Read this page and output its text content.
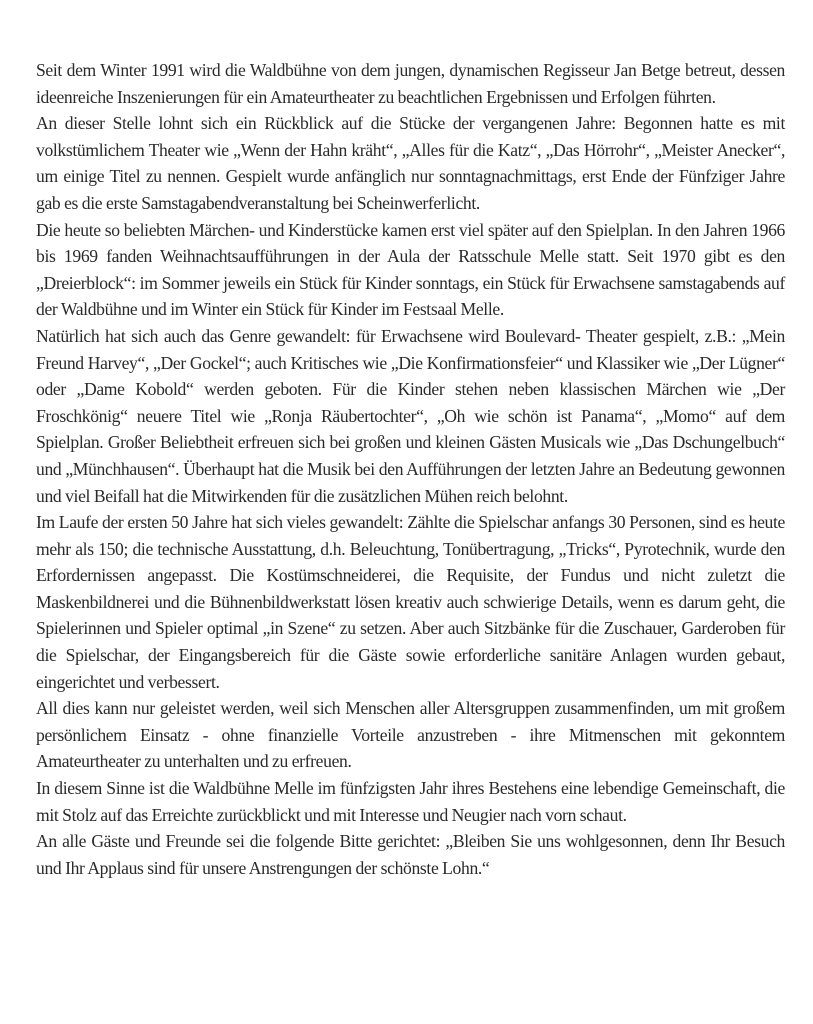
Seit dem Winter 1991 wird die Waldbühne von dem jungen, dynamischen Regisseur Jan Betge betreut, dessen ideenreiche Inszenierungen für ein Amateurtheater zu beachtlichen Ergebnissen und Erfolgen führten.

An dieser Stelle lohnt sich ein Rückblick auf die Stücke der vergangenen Jahre: Begonnen hatte es mit volkstümlichem Theater wie „Wenn der Hahn kräht“, „Alles für die Katz“, „Das Hörrohr“, „Meister Anecker“, um einige Titel zu nennen. Gespielt wurde anfänglich nur sonntagnachmittags, erst Ende der Fünfziger Jahre gab es die erste Samstagabendveranstaltung bei Scheinwerferlicht.

Die heute so beliebten Märchen- und Kinderstücke kamen erst viel später auf den Spielplan. In den Jahren 1966 bis 1969 fanden Weihnachtsaufführungen in der Aula der Ratsschule Melle statt. Seit 1970 gibt es den „Dreierblock“: im Sommer jeweils ein Stück für Kinder sonntags, ein Stück für Erwachsene samstagabends auf der Waldbühne und im Winter ein Stück für Kinder im Festsaal Melle.

Natürlich hat sich auch das Genre gewandelt: für Erwachsene wird Boulevard- Theater gespielt, z.B.: „Mein Freund Harvey“, „Der Gockel“; auch Kritisches wie „Die Konfirmationsfeier“ und Klassiker wie „Der Lügner“ oder „Dame Kobold“ werden geboten. Für die Kinder stehen neben klassischen Märchen wie „Der Froschkönig“ neuere Titel wie „Ronja Räubertochter“, „Oh wie schön ist Panama“, „Momo“ auf dem Spielplan. Großer Beliebtheit erfreuen sich bei großen und kleinen Gästen Musicals wie „Das Dschungelbuch“ und „Münchhausen“. Überhaupt hat die Musik bei den Aufführungen der letzten Jahre an Bedeutung gewonnen und viel Beifall hat die Mitwirkenden für die zusätzlichen Mühen reich belohnt.

Im Laufe der ersten 50 Jahre hat sich vieles gewandelt: Zählte die Spielschar anfangs 30 Personen, sind es heute mehr als 150; die technische Ausstattung, d.h. Beleuchtung, Tonübertragung, „Tricks“, Pyrotechnik, wurde den Erfordernissen angepasst. Die Kostümschneiderei, die Requisite, der Fundus und nicht zuletzt die Maskenbildnerei und die Bühnenbildwerkstatt lösen kreativ auch schwierige Details, wenn es darum geht, die Spielerinnen und Spieler optimal „in Szene“ zu setzen. Aber auch Sitzbänke für die Zuschauer, Garderoben für die Spielschar, der Eingangsbereich für die Gäste sowie erforderliche sanitäre Anlagen wurden gebaut, eingerichtet und verbessert.

All dies kann nur geleistet werden, weil sich Menschen aller Altersgruppen zusammenfinden, um mit großem persönlichem Einsatz - ohne finanzielle Vorteile anzustreben - ihre Mitmenschen mit gekonntem Amateurtheater zu unterhalten und zu erfreuen.

In diesem Sinne ist die Waldbühne Melle im fünfzigsten Jahr ihres Bestehens eine lebendige Gemeinschaft, die mit Stolz auf das Erreichte zurückblickt und mit Interesse und Neugier nach vorn schaut.

An alle Gäste und Freunde sei die folgende Bitte gerichtet: „Bleiben Sie uns wohlgesonnen, denn Ihr Besuch und Ihr Applaus sind für unsere Anstrengungen der schönste Lohn.“
